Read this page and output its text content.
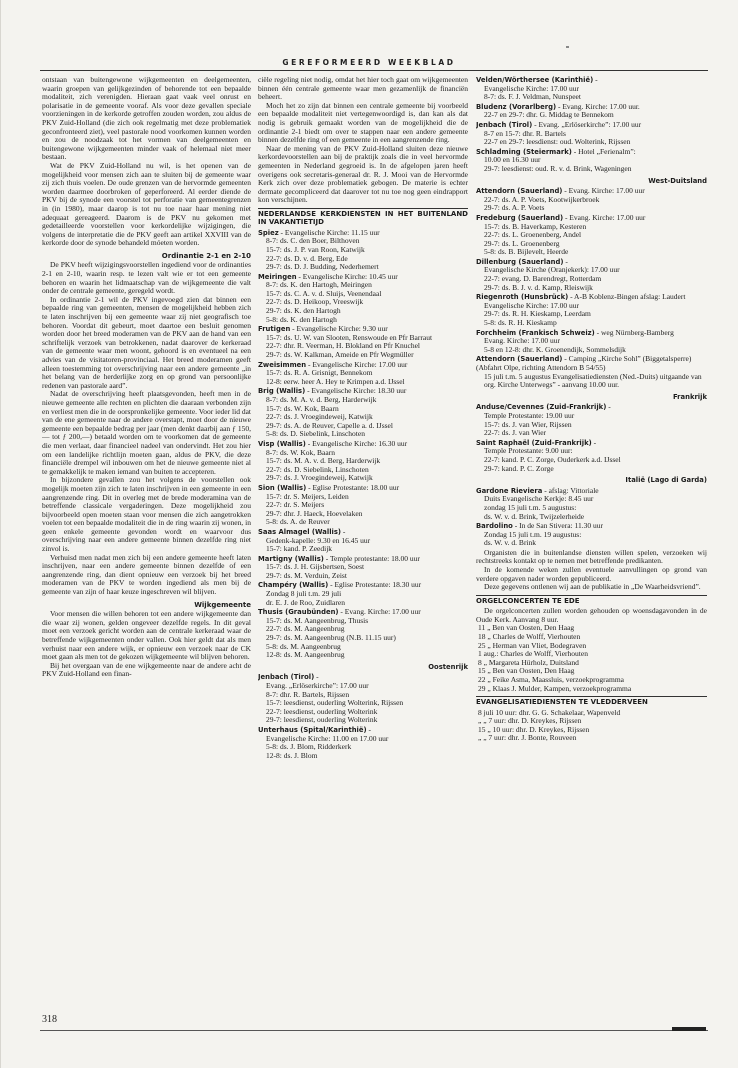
GEREFORMEERD WEEKBLAD

ontstaan van buitengewone wijkgemeenten en deelgemeenten, waarin groepen van gelijkgezinden of behorende tot een bepaalde modaliteit, zich verenigden. Hieraan gaat vaak veel onrust en polarisatie in de gemeente vooraf. Als voor deze gevallen speciale voorzieningen in de kerkorde getroffen zouden worden, zou aldus de PKV Zuid-Holland (die zich ook regelmatig met deze problematiek geconfronteerd ziet), veel pastorale nood voorkomen kunnen worden en zou de noodzaak tot het vormen van deelgemeenten en buitengewone wijkgemeenten minder vaak of helemaal niet meer bestaan.

Wat de PKV Zuid-Holland nu wil, is het openen van de mogelijkheid voor mensen zich aan te sluiten bij de gemeente waar zij zich thuis voelen. De oude grenzen van de hervormde gemeenten worden daarmee doorbroken of geperforeerd. Al eerder diende de PKV bij de synode een voorstel tot perforatie van gemeentegrenzen in (in 1980), maar daarop is tot nu toe naar haar mening niet adequaat gereageerd. Daarom is de PKV nu gekomen met gedetailleerde voorstellen voor kerkordelijke wijzigingen, die volgens de interpretatie die de PKV geeft aan artikel XXVIII van de kerkorde door de synode behandeld móeten worden.

Ordinantie 2-1 en 2-10

De PKV heeft wijzigingsvoorstellen ingediend voor de ordinanties 2-1 en 2-10, waarin resp. te lezen valt wie er tot een gemeente behoren en waarin het lidmaatschap van de wijkgemeente die valt onder de centrale gemeente, geregeld wordt.

In ordinantie 2-1 wil de PKV ingevoegd zien dat binnen een bepaalde ring van gemeenten, mensen de mogelijkheid hebben zich te laten inschrijven bij een gemeente waar zij niet geografisch toe behoren. Voordat dit gebeurt, moet daartoe een besluit genomen worden door het breed moderamen van de PKV aan de hand van een schriftelijk verzoek van betrokkenen, nadat daarover de kerkeraad van de gemeente waar men woont, gehoord is en eventueel na een advies van de visitatoren-provinciaal. Het breed moderamen geeft alleen toestemming tot overschrijving naar een andere gemeente „in het belang van de herderlijke zorg en op grond van persoonlijke redenen van pastorale aard”.

Nadat de overschrijving heeft plaatsgevonden, heeft men in de nieuwe gemeente alle rechten en plichten die daaraan verbonden zijn en verliest men die in de oorspronkelijke gemeente. Voor ieder lid dat van de ene gemeente naar de andere overstapt, moet door de nieuwe gemeente een bepaalde bedrag per jaar (men denkt daarbij aan ƒ 150,— tot ƒ 200,—) betaald worden om te voorkomen dat de gemeente die men verlaat, daar financieel nadeel van ondervindt. Het zou hier om een landelijke richtlijn moeten gaan, aldus de PKV, die deze financiële drempel wil inbouwen om het de nieuwe gemeente niet al te gemakkelijk te maken iemand van buiten te accepteren.

In bijzondere gevallen zou het volgens de voorstellen ook mogelijk moeten zijn zich te laten inschrijven in een gemeente in een aangrenzende ring. Dit in overleg met de brede moderamina van de betreffende classicale vergaderingen. Deze mogelijkheid zou bijvoorbeeld open moeten staan voor mensen die zich aangetrokken voelen tot een bepaalde modaliteit die in de ring waarin zij wonen, in geen enkele gemeente gevonden wordt en waarvoor dus overschrijving naar een andere gemeente binnen dezelfde ring niet zinvol is.

Verhuisd men nadat men zich bij een andere gemeente heeft laten inschrijven, naar een andere gemeente binnen dezelfde of een aangrenzende ring, dan dient opnieuw een verzoek bij het breed moderamen van de PKV te worden ingediend als men bij de gemeente van zijn of haar keuze ingeschreven wil blijven.

Wijkgemeente

Voor mensen die willen behoren tot een andere wijkgemeente dan die waar zij wonen, gelden ongeveer dezelfde regels. In dit geval moet een verzoek gericht worden aan de centrale kerkeraad waar de betreffende wijkgemeenten onder vallen. Ook hier geldt dat als men verhuist naar een andere wijk, er opnieuw een verzoek naar de CK moet gaan als men tot de gekozen wijkgemeente wil blijven behoren.

Bij het overgaan van de ene wijkgemeente naar de andere acht de PKV Zuid-Holland een finan-

ciële regeling niet nodig, omdat het hier toch gaat om wijkgemeenten binnen één centrale gemeente waar men gezamenlijk de financiën beheert.

Moch het zo zijn dat binnen een centrale gemeente bij voorbeeld een bepaalde modaliteit niet vertegenwoordigd is, dan kan als dat nodig is gebruik gemaakt worden van de mogelijkheid die de ordinantie 2-1 biedt om over te stappen naar een andere gemeente binnen dezelfde ring of een gemeente in een aangrenzende ring.

Naar de mening van de PKV Zuid-Holland sluiten deze nieuwe kerkordevoorstellen aan bij de praktijk zoals die in veel hervormde gemeenten in Nederland gegroeid is. In de afgelopen jaren heeft overigens ook secretaris-generaal dr. R. J. Mooi van de Hervormde Kerk zich over deze problematiek gebogen. De materie is echter dermate gecompliceerd dat daarover tot nu toe nog geen eindrapport kon verschijnen.

NEDERLANDSE KERKDIENSTEN IN HET BUITENLAND IN VAKANTIETIJD
Spiez - Evangelische Kirche: 11.15 uur
8-7: ds. C. den Boer, Bilthoven
15-7: ds. J. P. van Roon, Katwijk
22-7: ds. D. v. d. Berg, Ede
29-7: ds. D. J. Budding, Nederhemert
Meiringen - Evangelische Kirche: 10.45 uur
8-7: ds. K. den Hartogh, Meiringen
15-7: ds. C. A. v. d. Sluijs, Veenendaal
22-7: ds. D. Heikoop, Vreeswijk
29-7: ds. K. den Hartogh
5-8: ds. K. den Hartogh
Frutigen - Evangelische Kirche: 9.30 uur
15-7: ds. U. W. van Slooten, Renswoude en Pfr Barraut
22-7: dhr. R. Veerman, H. Blokland en Pfr Knuchel
29-7: ds. W. Kalkman, Ameide en Pfr Wegmüller
Zweisimmen - Evangelische Kirche: 17.00 uur
15-7: ds. R. A. Grisnigt, Bennekom
12-8: eerw. heer A. Hey te Krimpen a.d. IJssel
Brig (Wallis) - Evangelische Kirche: 18.30 uur
8-7: ds. M. A. v. d. Berg, Harderwijk
15-7: ds. W. Kok, Baarn
22-7: ds. J. Vroegindeweij, Katwijk
29-7: ds. A. de Reuver, Capelle a. d. IJssel
5-8: ds. D. Siebelink, Linschoten
Visp (Wallis) - Evangelische Kirche: 16.30 uur
8-7: ds. W. Kok, Baarn
15-7: ds. M. A. v. d. Berg, Harderwijk
22-7: ds. D. Siebelink, Linschoten
29-7: ds. J. Vroegindeweij, Katwijk
Sion (Wallis) - Eglise Protestante: 18.00 uur
15-7: dr. S. Meijers, Leiden
22-7: dr. S. Meijers
29-7: dhr. J. Haeck, Hoevelaken
5-8: ds. A. de Reuver
Saas Almagel (Wallis) -
Gedenk-kapelle: 9.30 en 16.45 uur
15-7: kand. P. Zeedijk
Martigny (Wallis) - Temple protestante: 18.00 uur
15-7: ds. J. H. Gijsbertsen, Soest
29-7: ds. M. Verduin, Zeist
Champéry (Wallis) - Eglise Protestante: 18.30 uur
Zondag 8 juli t.m. 29 juli
dr. E. J. de Roo, Zuidlaren
Thusis (Graubünden) - Evang. Kirche: 17.00 uur
15-7: ds. M. Aangeenbrug, Thusis
22-7: ds. M. Aangeenbrug
29-7: ds. M. Aangeenbrug (N.B. 11.15 uur)
5-8: ds. M. Aangeenbrug
12-8: ds. M. Aangeenbrug
Oostenrijk
Jenbach (Tirol) -
Evang. „Erlöserkirche”: 17.00 uur
8-7: dhr. R. Bartels, Rijssen
15-7: leesdienst, ouderling Wolterink, Rijssen
22-7: leesdienst, ouderling Wolterink
29-7: leesdienst, ouderling Wolterink
Unterhaus (Spital/Karinthië) -
Evangelische Kirche: 11.00 en 17.00 uur
5-8: ds. J. Blom, Ridderkerk
12-8: ds. J. Blom
Velden/Wörthersee (Karinthië) -
Evangelische Kirche: 17.00 uur
8-7: ds. F. J. Veldman, Nunspeet
Bludenz (Vorarlberg) - Evang. Kirche: 17.00 uur.
22-7 en 29-7: dhr. G. Middag te Bennekom
Jenbach (Tirol) - Evang. „Erlöserkirche”: 17.00 uur
8-7 en 15-7: dhr. R. Bartels
22-7 en 29-7: leesdienst: oud. Wolterink, Rijssen
Schladming (Steiermark) - Hotel „Ferienalm”:
10.00 en 16.30 uur
29-7: leesdienst: oud. R. v. d. Brink, Wageningen
West-Duitsland
Attendorn (Sauerland) - Evang. Kirche: 17.00 uur
22-7: ds. A. P. Voets, Kootwijkerbroek
29-7: ds. A. P. Voets
Fredeburg (Sauerland) - Evang. Kirche: 17.00 uur
15-7: ds. B. Haverkamp, Kesteren
22-7: ds. L. Groenenberg, Andel
29-7: ds. L. Groenenberg
5-8: ds. B. Bijlevelt, Heerde
Dillenburg (Sauerland) -
Evangelische Kirche (Oranjekerk): 17.00 uur
22-7: evang. D. Barendregt, Rotterdam
29-7: ds. B. J. v. d. Kamp, Rleiswijk
Riegenroth (Hunsbrück) - A-B Koblenz-Bingen afslag: Laudert
Evangelische Kirche: 17.00 uur
29-7: ds. R. H. Kieskamp, Leerdam
5-8: ds. R. H. Kieskamp
Forchheim (Frankisch Schweiz) - weg Nürnberg-Bamberg
Evang. Kirche: 17.00 uur
5-8 en 12-8: dhr. K. Groenendijk, Sommelsdijk
Attendorn (Sauerland) - Camping „Kirche Sohl” (Biggetalsperre) (Abfahrt Olpe, richting Attendorn B 54/55)
15 juli t.m. 5 augustus Evangelisatiediensten (Ned.-Duits) uitgaande van org. Kirche Unterwegs” - aanvang 10.00 uur.
Frankrijk
Anduse/Cevennes (Zuid-Frankrijk) -
Temple Protestante: 19.00 uur
15-7: ds. J. van Wier, Rijssen
22-7: ds. J. van Wier
Saint Raphaël (Zuid-Frankrijk) -
Temple Protestante: 9.00 uur:
22-7: kand. P. C. Zorge, Ouderkerk a.d. IJssel
29-7: kand. P. C. Zorge
Italië (Lago di Garda)
Gardone Rieviera - afslag: Vittoriale
Duits Evangelische Kerkje: 8.45 uur
zondag 15 juli t.m. 5 augustus:
ds. W. v. d. Brink, Twijzelerheide
Bardolino - In de San Stivera: 11.30 uur
Zondag 15 juli t.m. 19 augustus:
ds. W. v. d. Brink

Organisten die in buitenlandse diensten willen spelen, verzoeken wij rechtstreeks kontakt op te nemen met betreffende predikanten.

In de komende weken zullen eventuele aanvullingen op grond van verdere opgaven nader worden gepubliceerd.

Deze gegevens ontlenen wij aan de publikatie in „De Waarheidsvriend”.

ORGELCONCERTEN TE EDE

De orgelconcerten zullen worden gehouden op woensdagavonden in de Oude Kerk. Aanvang 8 uur.

11 „ Ben van Oosten, Den Haag
18 „ Charles de Wolff, Vierhouten
25 „ Herman van Vliet, Bodegraven
1 aug.: Charles de Wolff, Vierhouten
8 „ Margareta Hürholz, Duitsland
15 „ Ben van Oosten, Den Haag
22 „ Feike Asma, Maassluis, verzoekprogramma
29 „ Klaas J. Mulder, Kampen, verzoekprogramma
EVANGELISATIEDIENSTEN TE VLEDDERVEEN
8 juli 10 uur: dhr. G. G. Schakelaar, Wapenveld
„ „ 7 uur: dhr. D. Kreykes, Rijssen
15 „ 10 uur: dhr. D. Kreykes, Rijssen
„ „ 7 uur: dhr. J. Bonte, Rouveen
318
